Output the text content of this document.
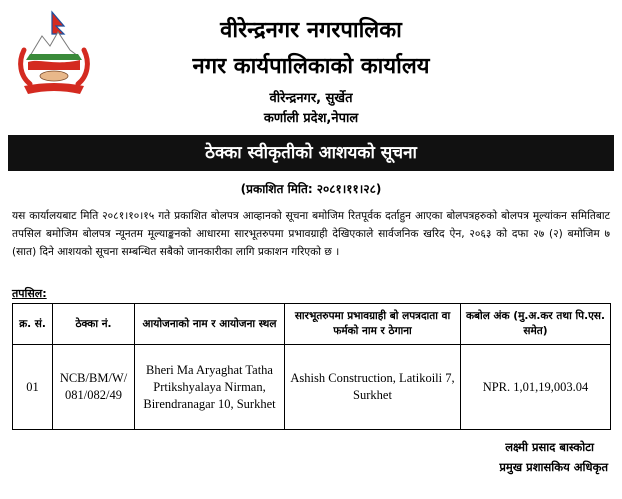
वीरेन्द्रनगर नगरपालिका
नगर कार्यपालिकाको कार्यालय
वीरेन्द्रनगर, सुर्खेत
कर्णाली प्रदेश,नेपाल
ठेक्का स्वीकृतीको आशयको सूचना
(प्रकाशित मिति: २०८१।११।२८)

यस कार्यालयबाट मिति २०८१।१०।१५ गते प्रकाशित बोलपत्र आव्हानको सूचना बमोजिम रितपूर्वक दर्ताहुन आएका बोलपत्रहरुको बोलपत्र मूल्यांकन समितिबाट तपसिल बमोजिम बोलपत्र न्यूनतम मूल्याङ्कनको आधारमा सारभूतरुपमा प्रभावग्राही देखिएकाले सार्वजनिक खरिद ऐन, २०६३ को दफा २७ (२) बमोजिम ७ (सात) दिने आशयको सूचना सम्बन्धित सबैको जानकारीका लागि प्रकाशन गरिएको छ ।

तपसिल:
क्र. सं.	ठेक्का नं.	आयोजनाको नाम र आयोजना स्थल	सारभूतरुपमा प्रभावग्राही बो लपत्रदाता वा फर्मको नाम र ठेगाना	कबोल अंक (मु.अ.कर तथा पि.एस. समेत)
01	NCB/BM/W/ 081/082/49	Bheri Ma Aryaghat Tatha Prtikshyalaya Nirman, Birendranagar 10, Surkhet	Ashish Construction, Latikoili 7, Surkhet	NPR. 1,01,19,003.04
लक्ष्मी प्रसाद बास्कोटा
प्रमुख प्रशासकिय अधिकृत
